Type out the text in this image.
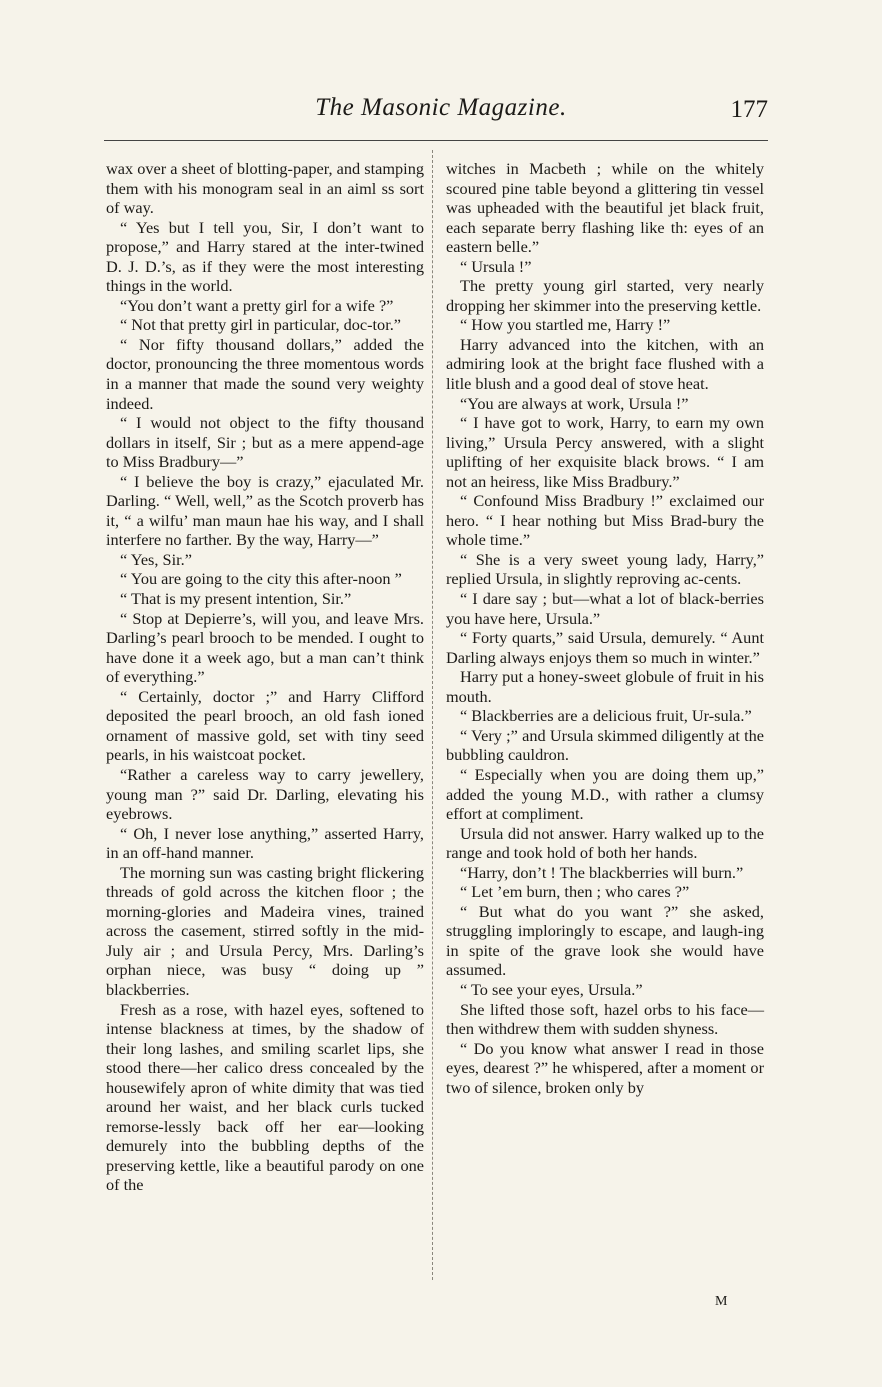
The Masonic Magazine.	177

wax over a sheet of blotting-paper, and stamping them with his monogram seal in an aiml ss sort of way.

“ Yes but I tell you, Sir, I don’t want to propose,” and Harry stared at the inter-twined D. J. D.’s, as if they were the most interesting things in the world.

“You don’t want a pretty girl for a wife ?”

“ Not that pretty girl in particular, doc-tor.”

“ Nor fifty thousand dollars,” added the doctor, pronouncing the three momentous words in a manner that made the sound very weighty indeed.

“ I would not object to the fifty thousand dollars in itself, Sir ; but as a mere append-age to Miss Bradbury—”

“ I believe the boy is crazy,” ejaculated Mr. Darling. “ Well, well,” as the Scotch proverb has it, “ a wilfu’ man maun hae his way, and I shall interfere no farther. By the way, Harry—”

“ Yes, Sir.”

“ You are going to the city this after-noon ”

“ That is my present intention, Sir.”

“ Stop at Depierre’s, will you, and leave Mrs. Darling’s pearl brooch to be mended. I ought to have done it a week ago, but a man can’t think of everything.”

“ Certainly, doctor ;” and Harry Clifford deposited the pearl brooch, an old fash ioned ornament of massive gold, set with tiny seed pearls, in his waistcoat pocket.

“Rather a careless way to carry jewellery, young man ?” said Dr. Darling, elevating his eyebrows.

“ Oh, I never lose anything,” asserted Harry, in an off-hand manner.

The morning sun was casting bright flickering threads of gold across the kitchen floor ; the morning-glories and Madeira vines, trained across the casement, stirred softly in the mid-July air ; and Ursula Percy, Mrs. Darling’s orphan niece, was busy “ doing up ” blackberries.

Fresh as a rose, with hazel eyes, softened to intense blackness at times, by the shadow of their long lashes, and smiling scarlet lips, she stood there—her calico dress concealed by the housewifely apron of white dimity that was tied around her waist, and her black curls tucked remorse-lessly back off her ear—looking demurely into the bubbling depths of the preserving kettle, like a beautiful parody on one of the

witches in Macbeth ; while on the whitely scoured pine table beyond a glittering tin vessel was upheaded with the beautiful jet black fruit, each separate berry flashing like th: eyes of an eastern belle.”

“ Ursula !”

The pretty young girl started, very nearly dropping her skimmer into the preserving kettle.

“ How you startled me, Harry !”

Harry advanced into the kitchen, with an admiring look at the bright face flushed with a litle blush and a good deal of stove heat.

“You are always at work, Ursula !”

“ I have got to work, Harry, to earn my own living,” Ursula Percy answered, with a slight uplifting of her exquisite black brows. “ I am not an heiress, like Miss Bradbury.”

“ Confound Miss Bradbury !” exclaimed our hero. “ I hear nothing but Miss Brad-bury the whole time.”

“ She is a very sweet young lady, Harry,” replied Ursula, in slightly reproving ac-cents.

“ I dare say ; but—what a lot of black-berries you have here, Ursula.”

“ Forty quarts,” said Ursula, demurely. “ Aunt Darling always enjoys them so much in winter.”

Harry put a honey-sweet globule of fruit in his mouth.

“ Blackberries are a delicious fruit, Ur-sula.”

“ Very ;” and Ursula skimmed diligently at the bubbling cauldron.

“ Especially when you are doing them up,” added the young M.D., with rather a clumsy effort at compliment.

Ursula did not answer. Harry walked up to the range and took hold of both her hands.

“Harry, don’t ! The blackberries will burn.”

“ Let ’em burn, then ; who cares ?”

“ But what do you want ?” she asked, struggling imploringly to escape, and laugh-ing in spite of the grave look she would have assumed.

“ To see your eyes, Ursula.”

She lifted those soft, hazel orbs to his face—then withdrew them with sudden shyness.

“ Do you know what answer I read in those eyes, dearest ?” he whispered, after a moment or two of silence, broken only by

M
